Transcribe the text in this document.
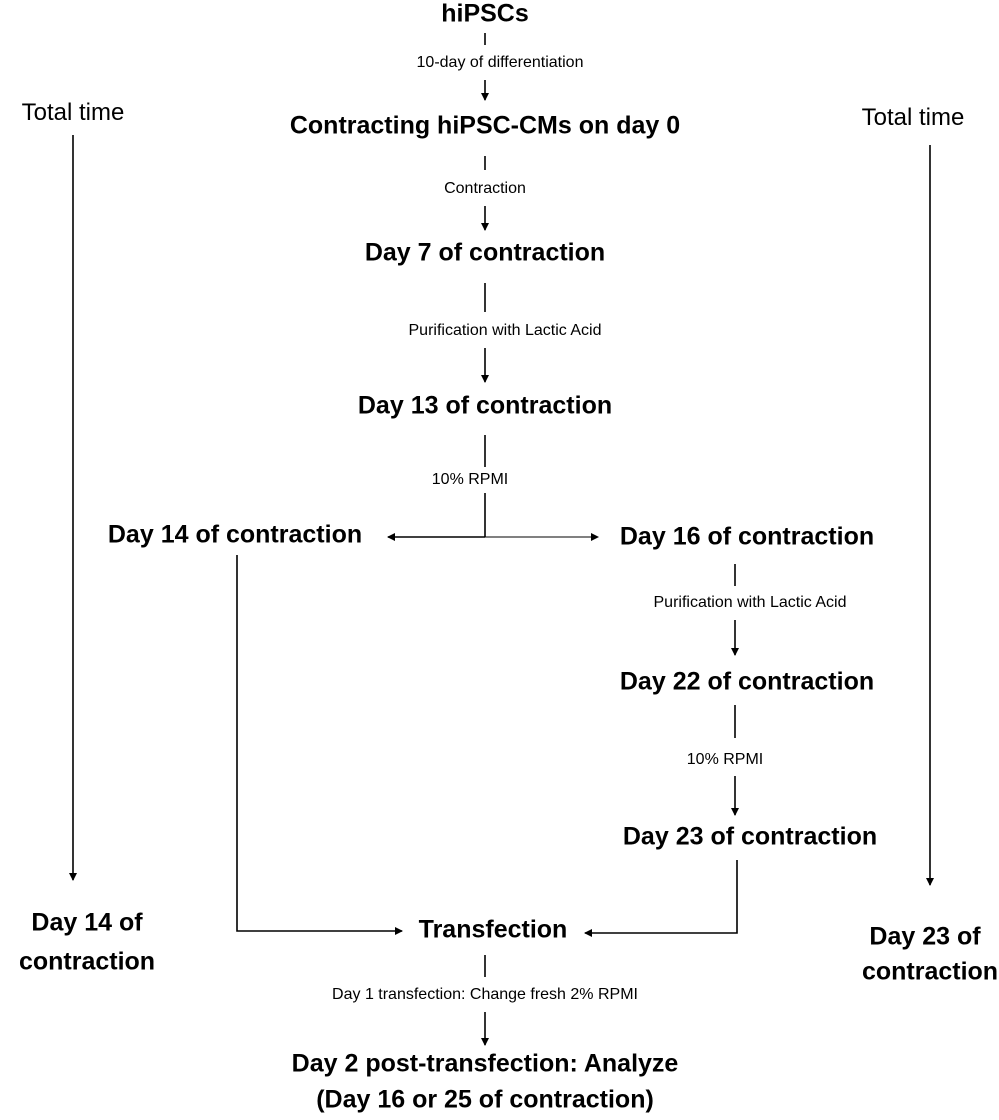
hiPSCs
10-day of differentiation
Contracting hiPSC-CMs on day 0
Contraction
Day 7 of contraction
Purification with Lactic Acid
Day 13 of contraction
10% RPMI
Day 14 of contraction	Day 16 of contraction
Purification with Lactic Acid
Day 22 of contraction
10% RPMI
Day 23 of contraction
Transfection
Day 1 transfection: Change fresh 2% RPMI
Day 2 post-transfection: Analyze
(Day 16 or 25 of contraction)
Total time
Day 14 of
contraction
Total time
Day 23 of
contraction
